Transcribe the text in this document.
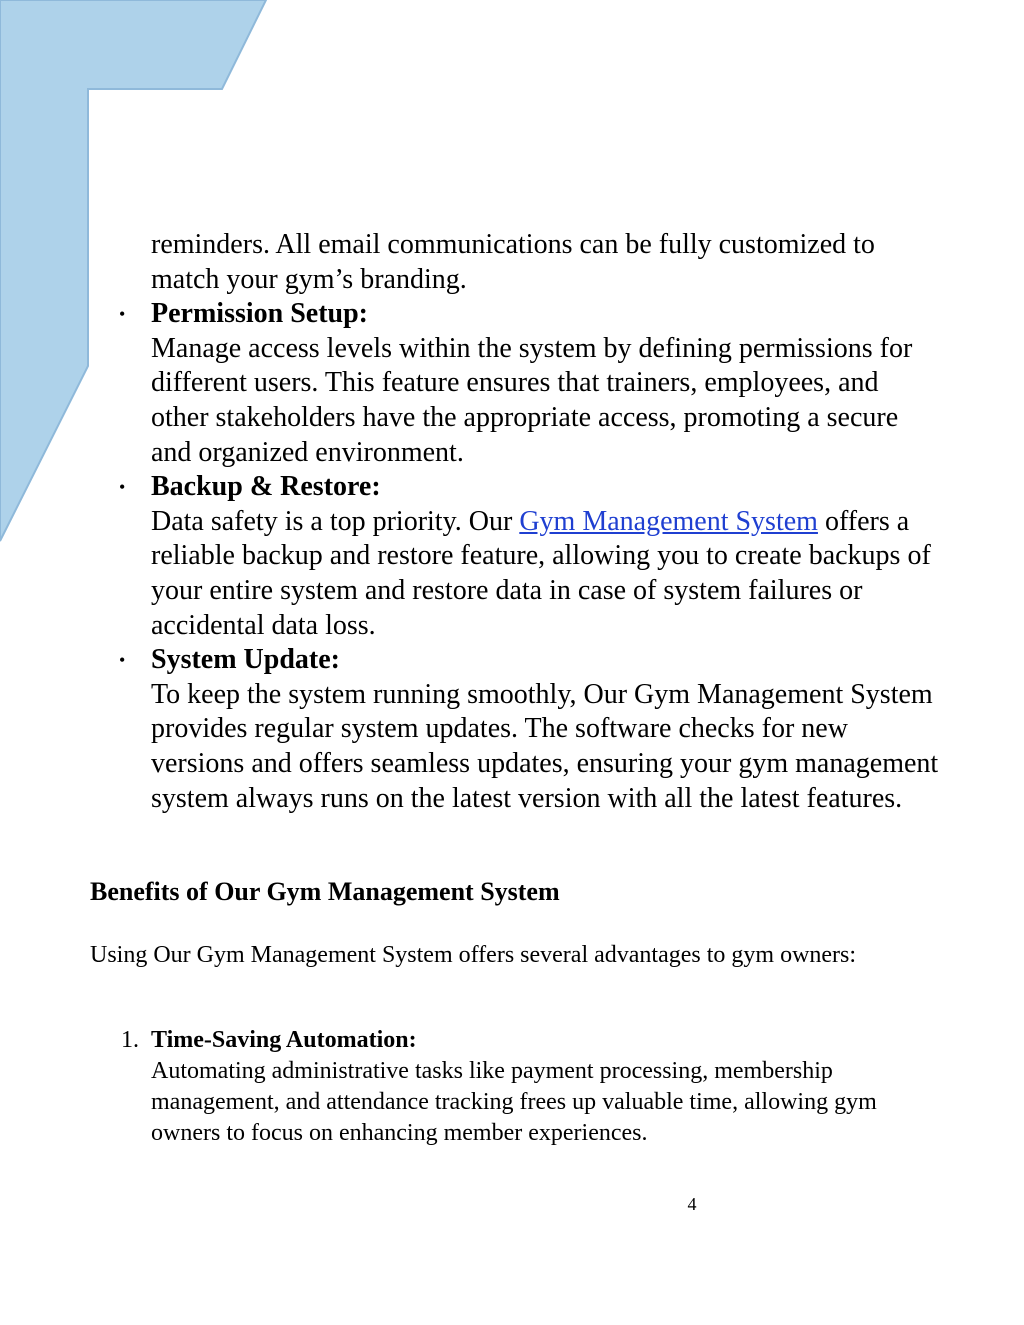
reminders. All email communications can be fully customized to match your gym’s branding.
• Permission Setup:
Manage access levels within the system by defining permissions for different users. This feature ensures that trainers, employees, and other stakeholders have the appropriate access, promoting a secure and organized environment.
• Backup & Restore:
Data safety is a top priority. Our Gym Management System offers a reliable backup and restore feature, allowing you to create backups of your entire system and restore data in case of system failures or accidental data loss.
• System Update:
To keep the system running smoothly, Our Gym Management System provides regular system updates. The software checks for new versions and offers seamless updates, ensuring your gym management system always runs on the latest version with all the latest features.
Benefits of Our Gym Management System

Using Our Gym Management System offers several advantages to gym owners:

1. Time-Saving Automation:
Automating administrative tasks like payment processing, membership management, and attendance tracking frees up valuable time, allowing gym owners to focus on enhancing member experiences.
4
